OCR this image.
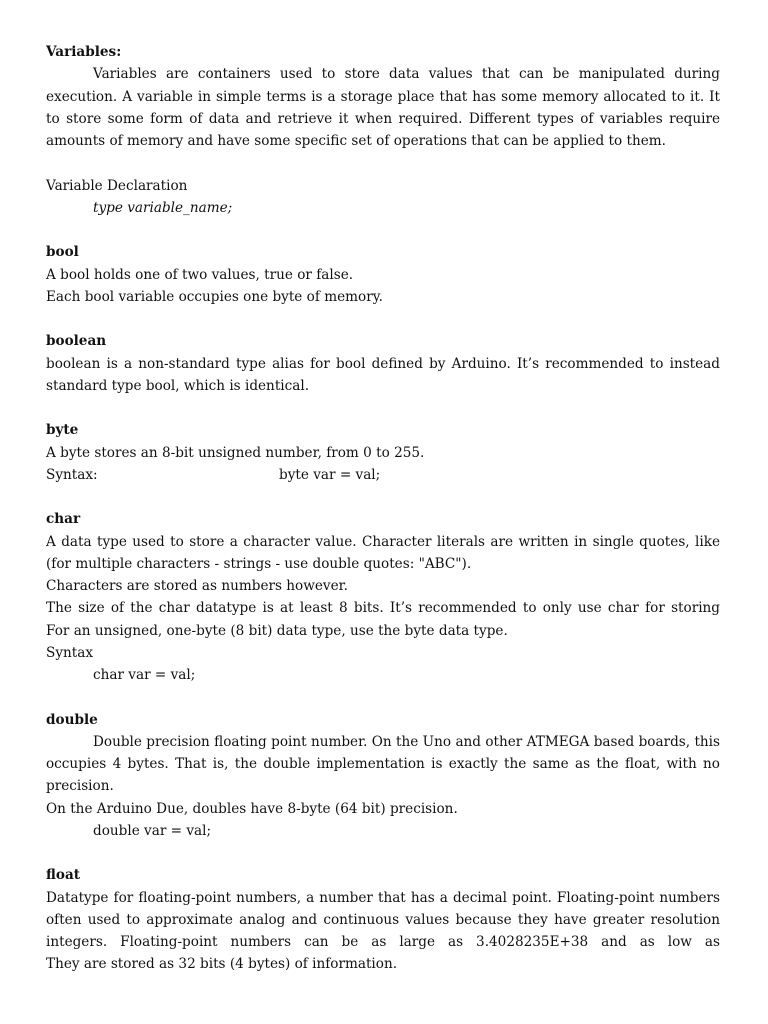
Variables:
Variables are containers used to store data values that can be manipulated during
execution. A variable in simple terms is a storage place that has some memory allocated to it. It
to store some form of data and retrieve it when required. Different types of variables require
amounts of memory and have some specific set of operations that can be applied to them.
Variable Declaration
type variable_name;
bool
A bool holds one of two values, true or false.
Each bool variable occupies one byte of memory.
boolean
boolean is a non-standard type alias for bool defined by Arduino. It’s recommended to instead
standard type bool, which is identical.
byte
A byte stores an 8-bit unsigned number, from 0 to 255.
Syntax:	byte var = val;
char
A data type used to store a character value. Character literals are written in single quotes, like
(for multiple characters - strings - use double quotes: "ABC").
Characters are stored as numbers however.
The size of the char datatype is at least 8 bits. It’s recommended to only use char for storing
For an unsigned, one-byte (8 bit) data type, use the byte data type.
Syntax
char var = val;
double
Double precision floating point number. On the Uno and other ATMEGA based boards, this
occupies 4 bytes. That is, the double implementation is exactly the same as the float, with no
precision.
On the Arduino Due, doubles have 8-byte (64 bit) precision.
double var = val;
float
Datatype for floating-point numbers, a number that has a decimal point. Floating-point numbers
often used to approximate analog and continuous values because they have greater resolution
integers. Floating-point numbers can be as large as 3.4028235E+38 and as low as
They are stored as 32 bits (4 bytes) of information.
